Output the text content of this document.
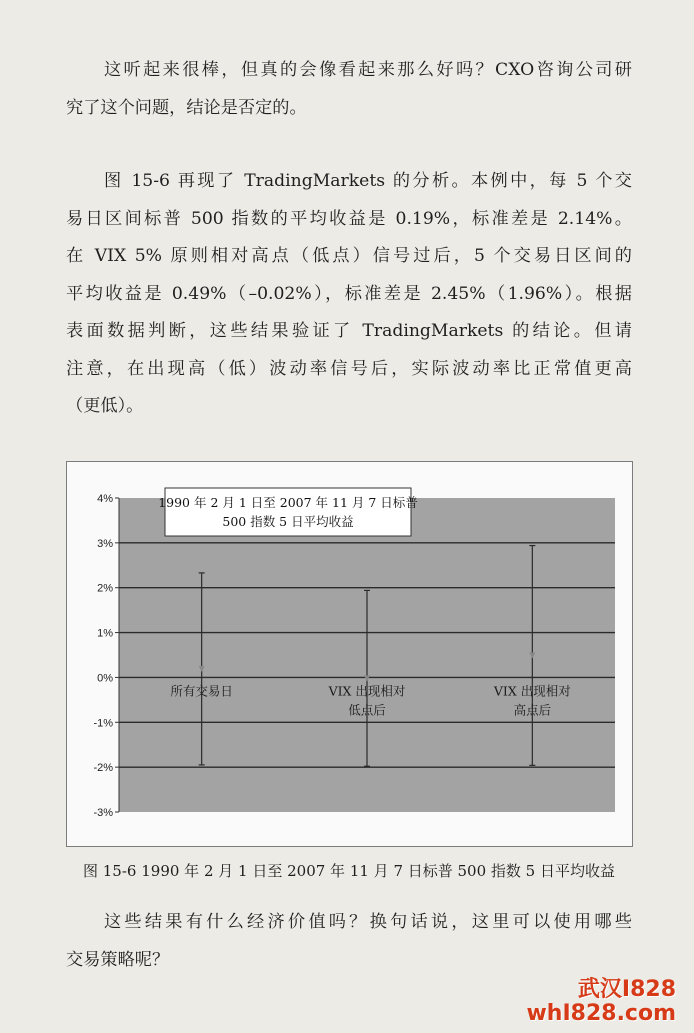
这听起来很棒，但真的会像看起来那么好吗？CXO咨询公司研
究了这个问题，结论是否定的。
图 15-6 再现了 TradingMarkets 的分析。本例中，每 5 个交
易日区间标普 500 指数的平均收益是 0.19%，标准差是 2.14%。
在 VIX 5% 原则相对高点（低点）信号过后，5 个交易日区间的
平均收益是 0.49%（–0.02%），标准差是 2.45%（1.96%）。根据
表面数据判断，这些结果验证了 TradingMarkets 的结论。但请
注意，在出现高（低）波动率信号后，实际波动率比正常值更高
（更低）。
4%
3%
2%
1%
0%
-1%
-2%
-3%
所有交易日	VIX 出现相对
低点后
VIX 出现相对
高点后
1990 年 2 月 1 日至 2007 年 11 月 7 日标普
500 指数 5 日平均收益

图 15-6 1990 年 2 月 1 日至 2007 年 11 月 7 日标普 500 指数 5 日平均收益

这些结果有什么经济价值吗？换句话说，这里可以使用哪些
交易策略呢？
武汉I828
whI828.com
